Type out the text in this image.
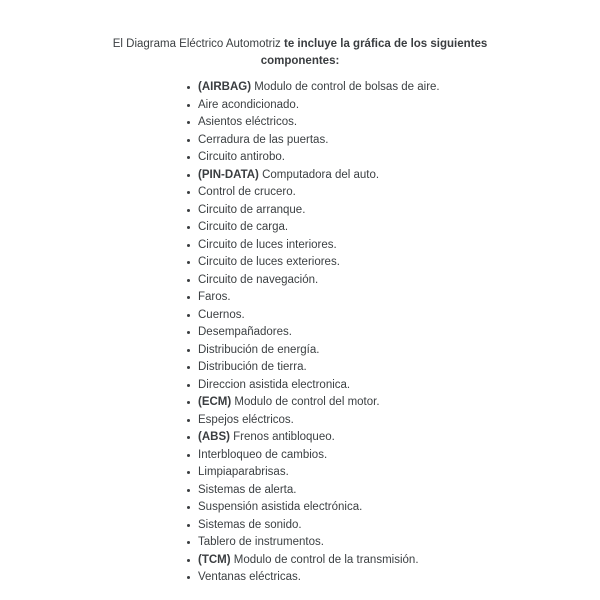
El Diagrama Eléctrico Automotriz te incluye la gráfica de los siguientes
componentes:
(AIRBAG) Modulo de control de bolsas de aire.
Aire acondicionado.
Asientos eléctricos.
Cerradura de las puertas.
Circuito antirobo.
(PIN-DATA) Computadora del auto.
Control de crucero.
Circuito de arranque.
Circuito de carga.
Circuito de luces interiores.
Circuito de luces exteriores.
Circuito de navegación.
Faros.
Cuernos.
Desempañadores.
Distribución de energía.
Distribución de tierra.
Direccion asistida electronica.
(ECM) Modulo de control del motor.
Espejos eléctricos.
(ABS) Frenos antibloqueo.
Interbloqueo de cambios.
Limpiaparabrisas.
Sistemas de alerta.
Suspensión asistida electrónica.
Sistemas de sonido.
Tablero de instrumentos.
(TCM) Modulo de control de la transmisión.
Ventanas eléctricas.
